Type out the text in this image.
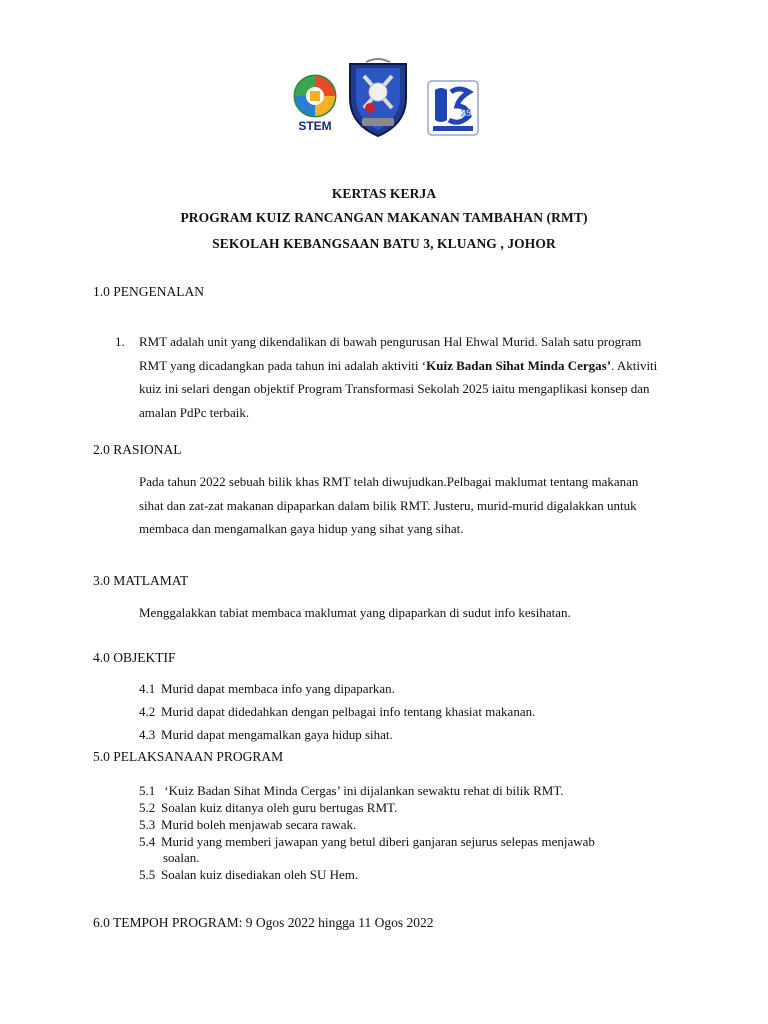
STEM
25
KERTAS KERJA
PROGRAM KUIZ RANCANGAN MAKANAN TAMBAHAN (RMT)
SEKOLAH KEBANGSAAN BATU 3, KLUANG , JOHOR
1.0 PENGENALAN
1. RMT adalah unit yang dikendalikan di bawah pengurusan Hal Ehwal Murid. Salah satu program RMT yang dicadangkan pada tahun ini adalah aktiviti ‘Kuiz Badan Sihat Minda Cergas’. Aktiviti kuiz ini selari dengan objektif Program Transformasi Sekolah 2025 iaitu mengaplikasi konsep dan amalan PdPc terbaik.
2.0 RASIONAL
Pada tahun 2022 sebuah bilik khas RMT telah diwujudkan.Pelbagai maklumat tentang makanan sihat dan zat-zat makanan dipaparkan dalam bilik RMT. Justeru, murid-murid digalakkan untuk membaca dan mengamalkan gaya hidup yang sihat yang sihat.
3.0 MATLAMAT
Menggalakkan tabiat membaca maklumat yang dipaparkan di sudut info kesihatan.
4.0 OBJEKTIF
4.1 Murid dapat membaca info yang dipaparkan.
4.2 Murid dapat didedahkan dengan pelbagai info tentang khasiat makanan.
4.3 Murid dapat mengamalkan gaya hidup sihat.
5.0 PELAKSANAAN PROGRAM
5.1 ‘Kuiz Badan Sihat Minda Cergas’ ini dijalankan sewaktu rehat di bilik RMT.
5.2 Soalan kuiz ditanya oleh guru bertugas RMT.
5.3 Murid boleh menjawab secara rawak.
5.4 Murid yang memberi jawapan yang betul diberi ganjaran sejurus selepas menjawab
soalan.
5.5 Soalan kuiz disediakan oleh SU Hem.
6.0 TEMPOH PROGRAM: 9 Ogos 2022 hingga 11 Ogos 2022
